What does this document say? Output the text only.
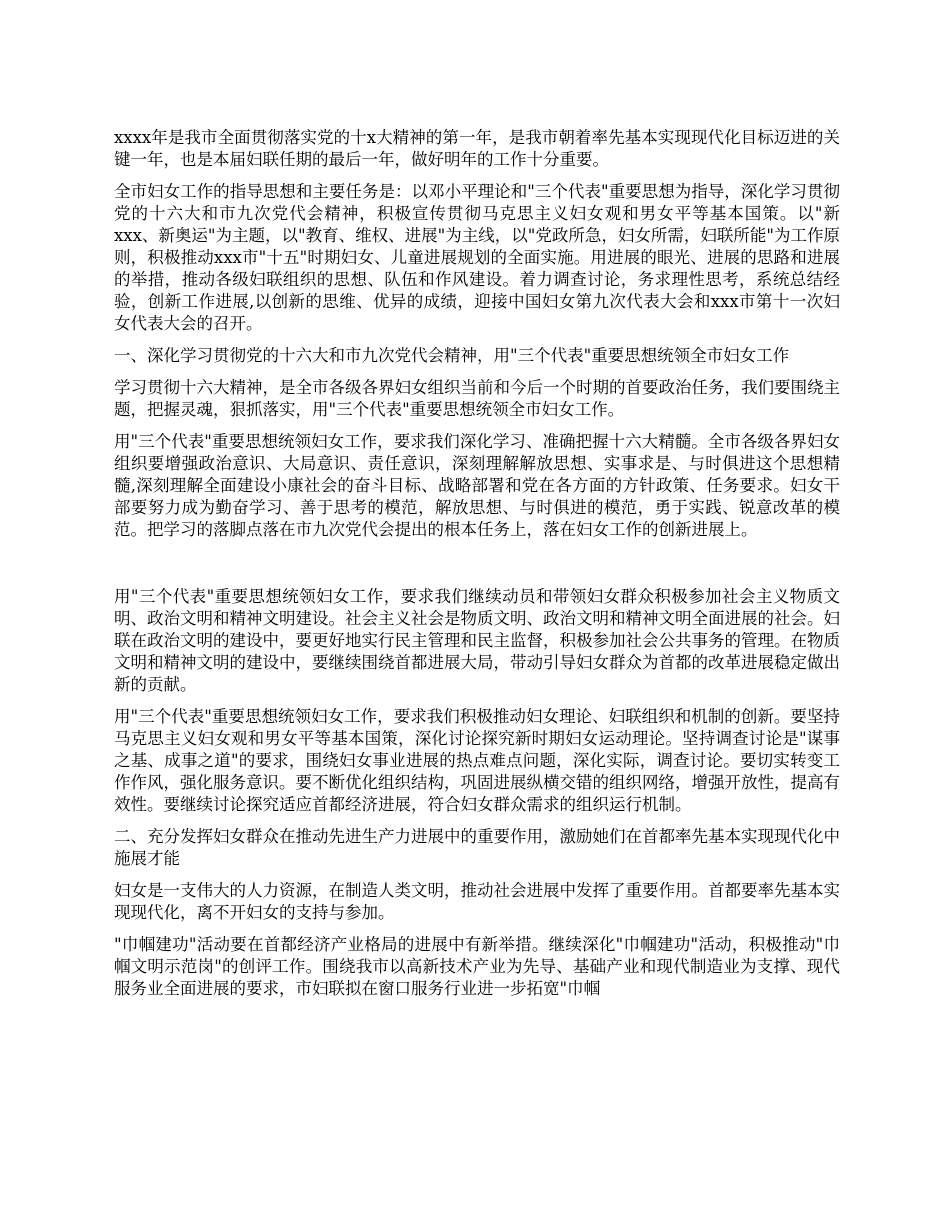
xxxx年是我市全面贯彻落实党的十x大精神的第一年，是我市朝着率先基本实现现代化目标迈进的关键一年，也是本届妇联任期的最后一年，做好明年的工作十分重要。

全市妇女工作的指导思想和主要任务是：以邓小平理论和"三个代表"重要思想为指导，深化学习贯彻党的十六大和市九次党代会精神，积极宣传贯彻马克思主义妇女观和男女平等基本国策。以"新xxx、新奥运"为主题，以"教育、维权、进展"为主线，以"党政所急，妇女所需，妇联所能"为工作原则，积极推动xxx市"十五"时期妇女、儿童进展规划的全面实施。用进展的眼光、进展的思路和进展的举措，推动各级妇联组织的思想、队伍和作风建设。着力调查讨论，务求理性思考，系统总结经验，创新工作进展,以创新的思维、优异的成绩，迎接中国妇女第九次代表大会和xxx市第十一次妇女代表大会的召开。

一、深化学习贯彻党的十六大和市九次党代会精神，用"三个代表"重要思想统领全市妇女工作

学习贯彻十六大精神，是全市各级各界妇女组织当前和今后一个时期的首要政治任务，我们要围绕主题，把握灵魂，狠抓落实，用"三个代表"重要思想统领全市妇女工作。

用"三个代表"重要思想统领妇女工作，要求我们深化学习、准确把握十六大精髓。全市各级各界妇女组织要增强政治意识、大局意识、责任意识，深刻理解解放思想、实事求是、与时俱进这个思想精髓,深刻理解全面建设小康社会的奋斗目标、战略部署和党在各方面的方针政策、任务要求。妇女干部要努力成为勤奋学习、善于思考的模范，解放思想、与时俱进的模范，勇于实践、锐意改革的模范。把学习的落脚点落在市九次党代会提出的根本任务上，落在妇女工作的创新进展上。

用"三个代表"重要思想统领妇女工作，要求我们继续动员和带领妇女群众积极参加社会主义物质文明、政治文明和精神文明建设。社会主义社会是物质文明、政治文明和精神文明全面进展的社会。妇联在政治文明的建设中，要更好地实行民主管理和民主监督，积极参加社会公共事务的管理。在物质文明和精神文明的建设中，要继续围绕首都进展大局，带动引导妇女群众为首都的改革进展稳定做出新的贡献。

用"三个代表"重要思想统领妇女工作，要求我们积极推动妇女理论、妇联组织和机制的创新。要坚持马克思主义妇女观和男女平等基本国策，深化讨论探究新时期妇女运动理论。坚持调查讨论是"谋事之基、成事之道"的要求，围绕妇女事业进展的热点难点问题，深化实际，调查讨论。要切实转变工作作风，强化服务意识。要不断优化组织结构，巩固进展纵横交错的组织网络，增强开放性，提高有效性。要继续讨论探究适应首都经济进展，符合妇女群众需求的组织运行机制。

二、充分发挥妇女群众在推动先进生产力进展中的重要作用，激励她们在首都率先基本实现现代化中施展才能

妇女是一支伟大的人力资源，在制造人类文明，推动社会进展中发挥了重要作用。首都要率先基本实现现代化，离不开妇女的支持与参加。

"巾帼建功"活动要在首都经济产业格局的进展中有新举措。继续深化"巾帼建功"活动，积极推动"巾帼文明示范岗"的创评工作。围绕我市以高新技术产业为先导、基础产业和现代制造业为支撑、现代服务业全面进展的要求，市妇联拟在窗口服务行业进一步拓宽"巾帼
